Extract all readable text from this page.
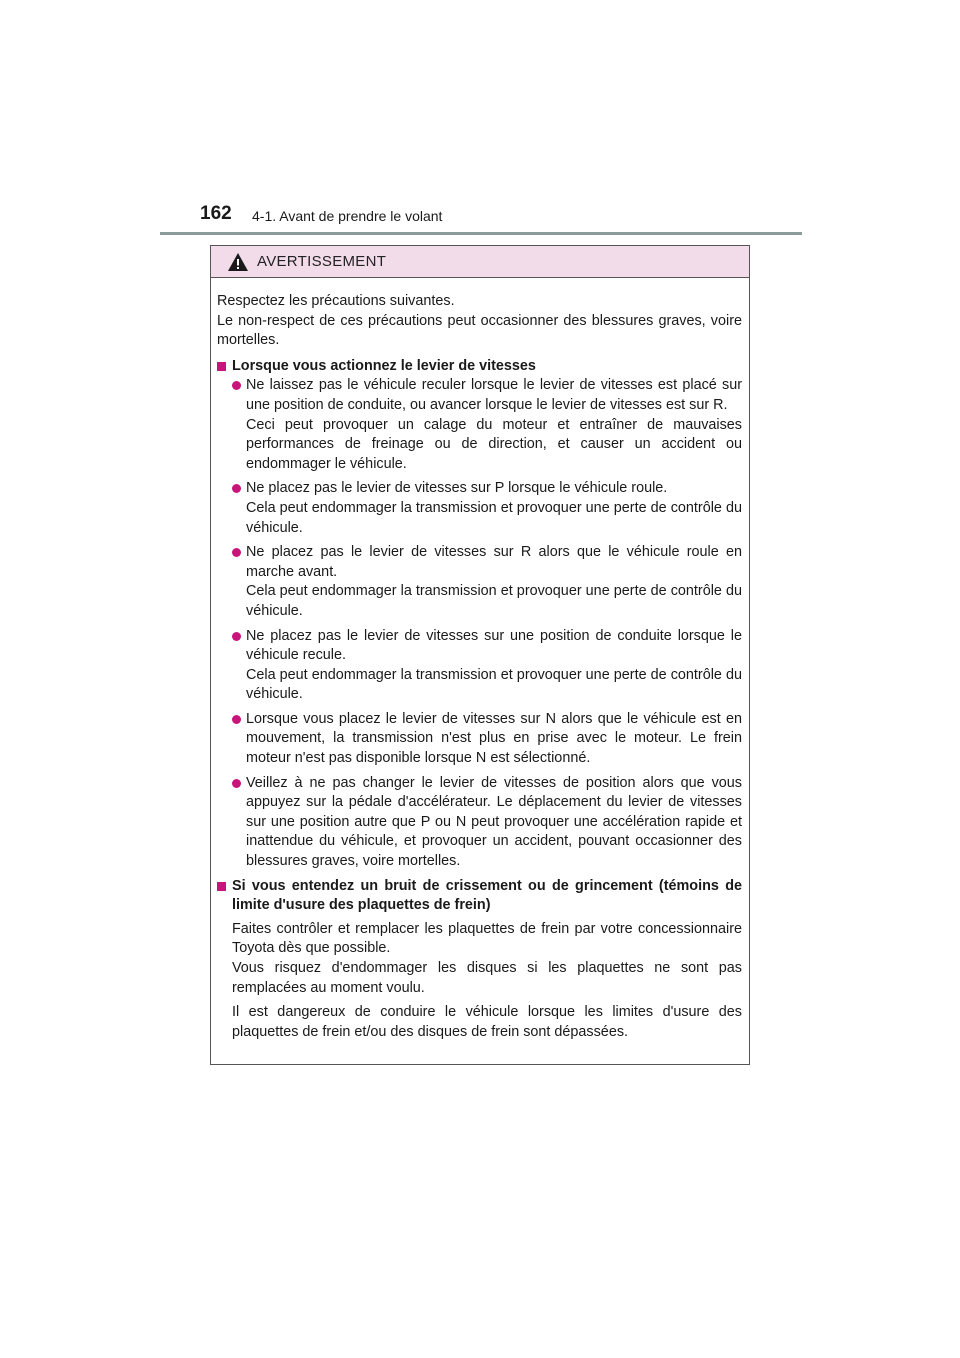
162 4-1. Avant de prendre le volant
AVERTISSEMENT

Respectez les précautions suivantes.

Le non-respect de ces précautions peut occasionner des blessures graves, voire mortelles.

Lorsque vous actionnez le levier de vitesses

Ne laissez pas le véhicule reculer lorsque le levier de vitesses est placé sur une position de conduite, ou avancer lorsque le levier de vitesses est sur R.

Ceci peut provoquer un calage du moteur et entraîner de mauvaises performances de freinage ou de direction, et causer un accident ou endommager le véhicule.

Ne placez pas le levier de vitesses sur P lorsque le véhicule roule.

Cela peut endommager la transmission et provoquer une perte de contrôle du véhicule.

Ne placez pas le levier de vitesses sur R alors que le véhicule roule en marche avant.

Cela peut endommager la transmission et provoquer une perte de contrôle du véhicule.

Ne placez pas le levier de vitesses sur une position de conduite lorsque le véhicule recule.

Cela peut endommager la transmission et provoquer une perte de contrôle du véhicule.

Lorsque vous placez le levier de vitesses sur N alors que le véhicule est en mouvement, la transmission n'est plus en prise avec le moteur. Le frein moteur n'est pas disponible lorsque N est sélectionné.

Veillez à ne pas changer le levier de vitesses de position alors que vous appuyez sur la pédale d'accélérateur. Le déplacement du levier de vitesses sur une position autre que P ou N peut provoquer une accélération rapide et inattendue du véhicule, et provoquer un accident, pouvant occasionner des blessures graves, voire mortelles.

Si vous entendez un bruit de crissement ou de grincement (témoins de limite d'usure des plaquettes de frein)

Faites contrôler et remplacer les plaquettes de frein par votre concessionnaire Toyota dès que possible.

Vous risquez d'endommager les disques si les plaquettes ne sont pas remplacées au moment voulu.

Il est dangereux de conduire le véhicule lorsque les limites d'usure des plaquettes de frein et/ou des disques de frein sont dépassées.
